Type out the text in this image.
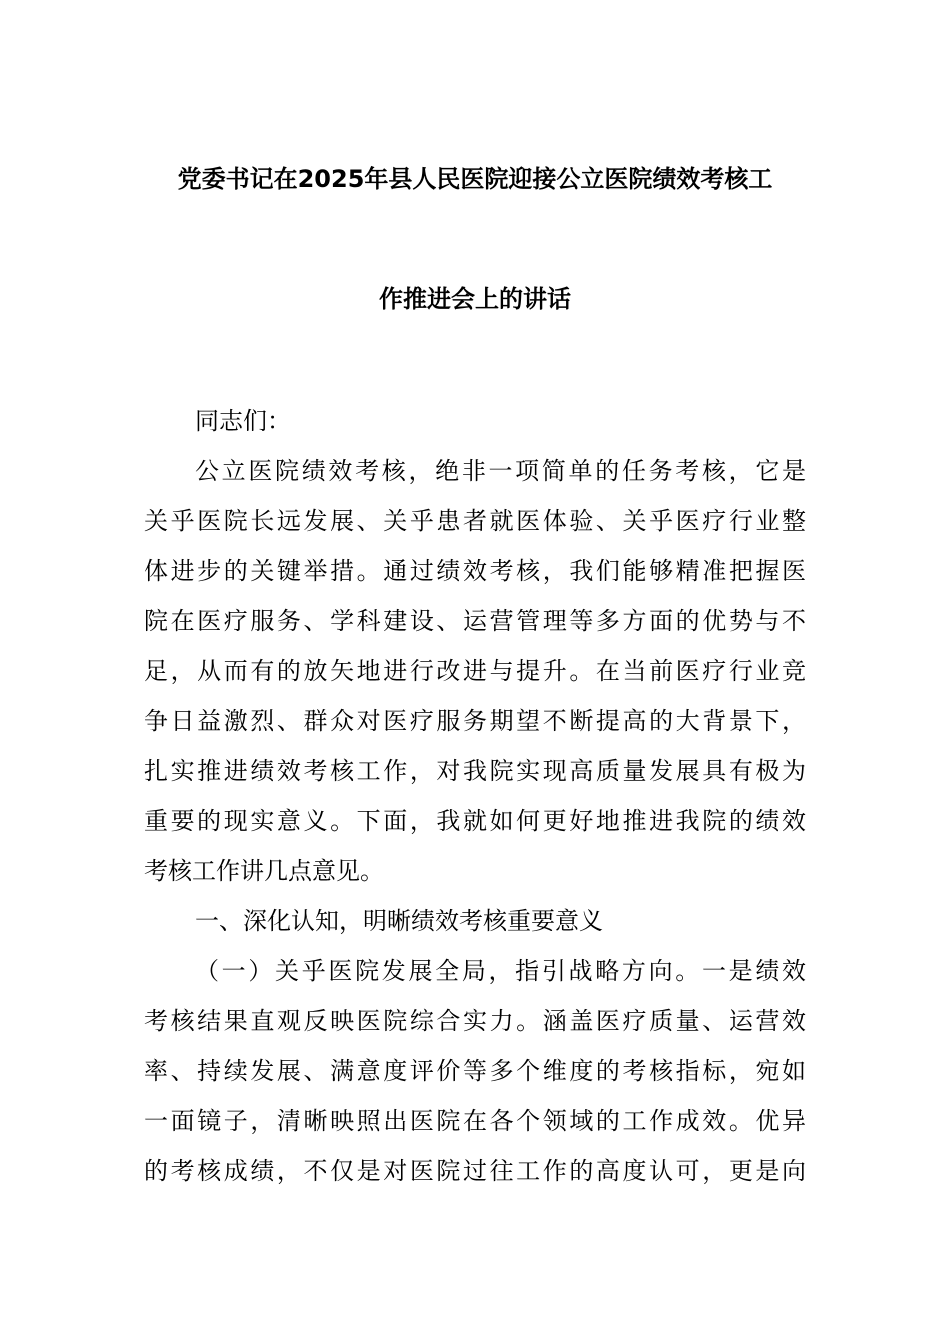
党委书记在2025年县人民医院迎接公立医院绩效考核工
作推进会上的讲话
同志们：
公立医院绩效考核，绝非一项简单的任务考核，它是
关乎医院长远发展、关乎患者就医体验、关乎医疗行业整
体进步的关键举措。通过绩效考核，我们能够精准把握医
院在医疗服务、学科建设、运营管理等多方面的优势与不
足，从而有的放矢地进行改进与提升。在当前医疗行业竞
争日益激烈、群众对医疗服务期望不断提高的大背景下，
扎实推进绩效考核工作，对我院实现高质量发展具有极为
重要的现实意义。下面，我就如何更好地推进我院的绩效
考核工作讲几点意见。
一、深化认知，明晰绩效考核重要意义
（一）关乎医院发展全局，指引战略方向。一是绩效
考核结果直观反映医院综合实力。涵盖医疗质量、运营效
率、持续发展、满意度评价等多个维度的考核指标，宛如
一面镜子，清晰映照出医院在各个领域的工作成效。优异
的考核成绩，不仅是对医院过往工作的高度认可，更是向
